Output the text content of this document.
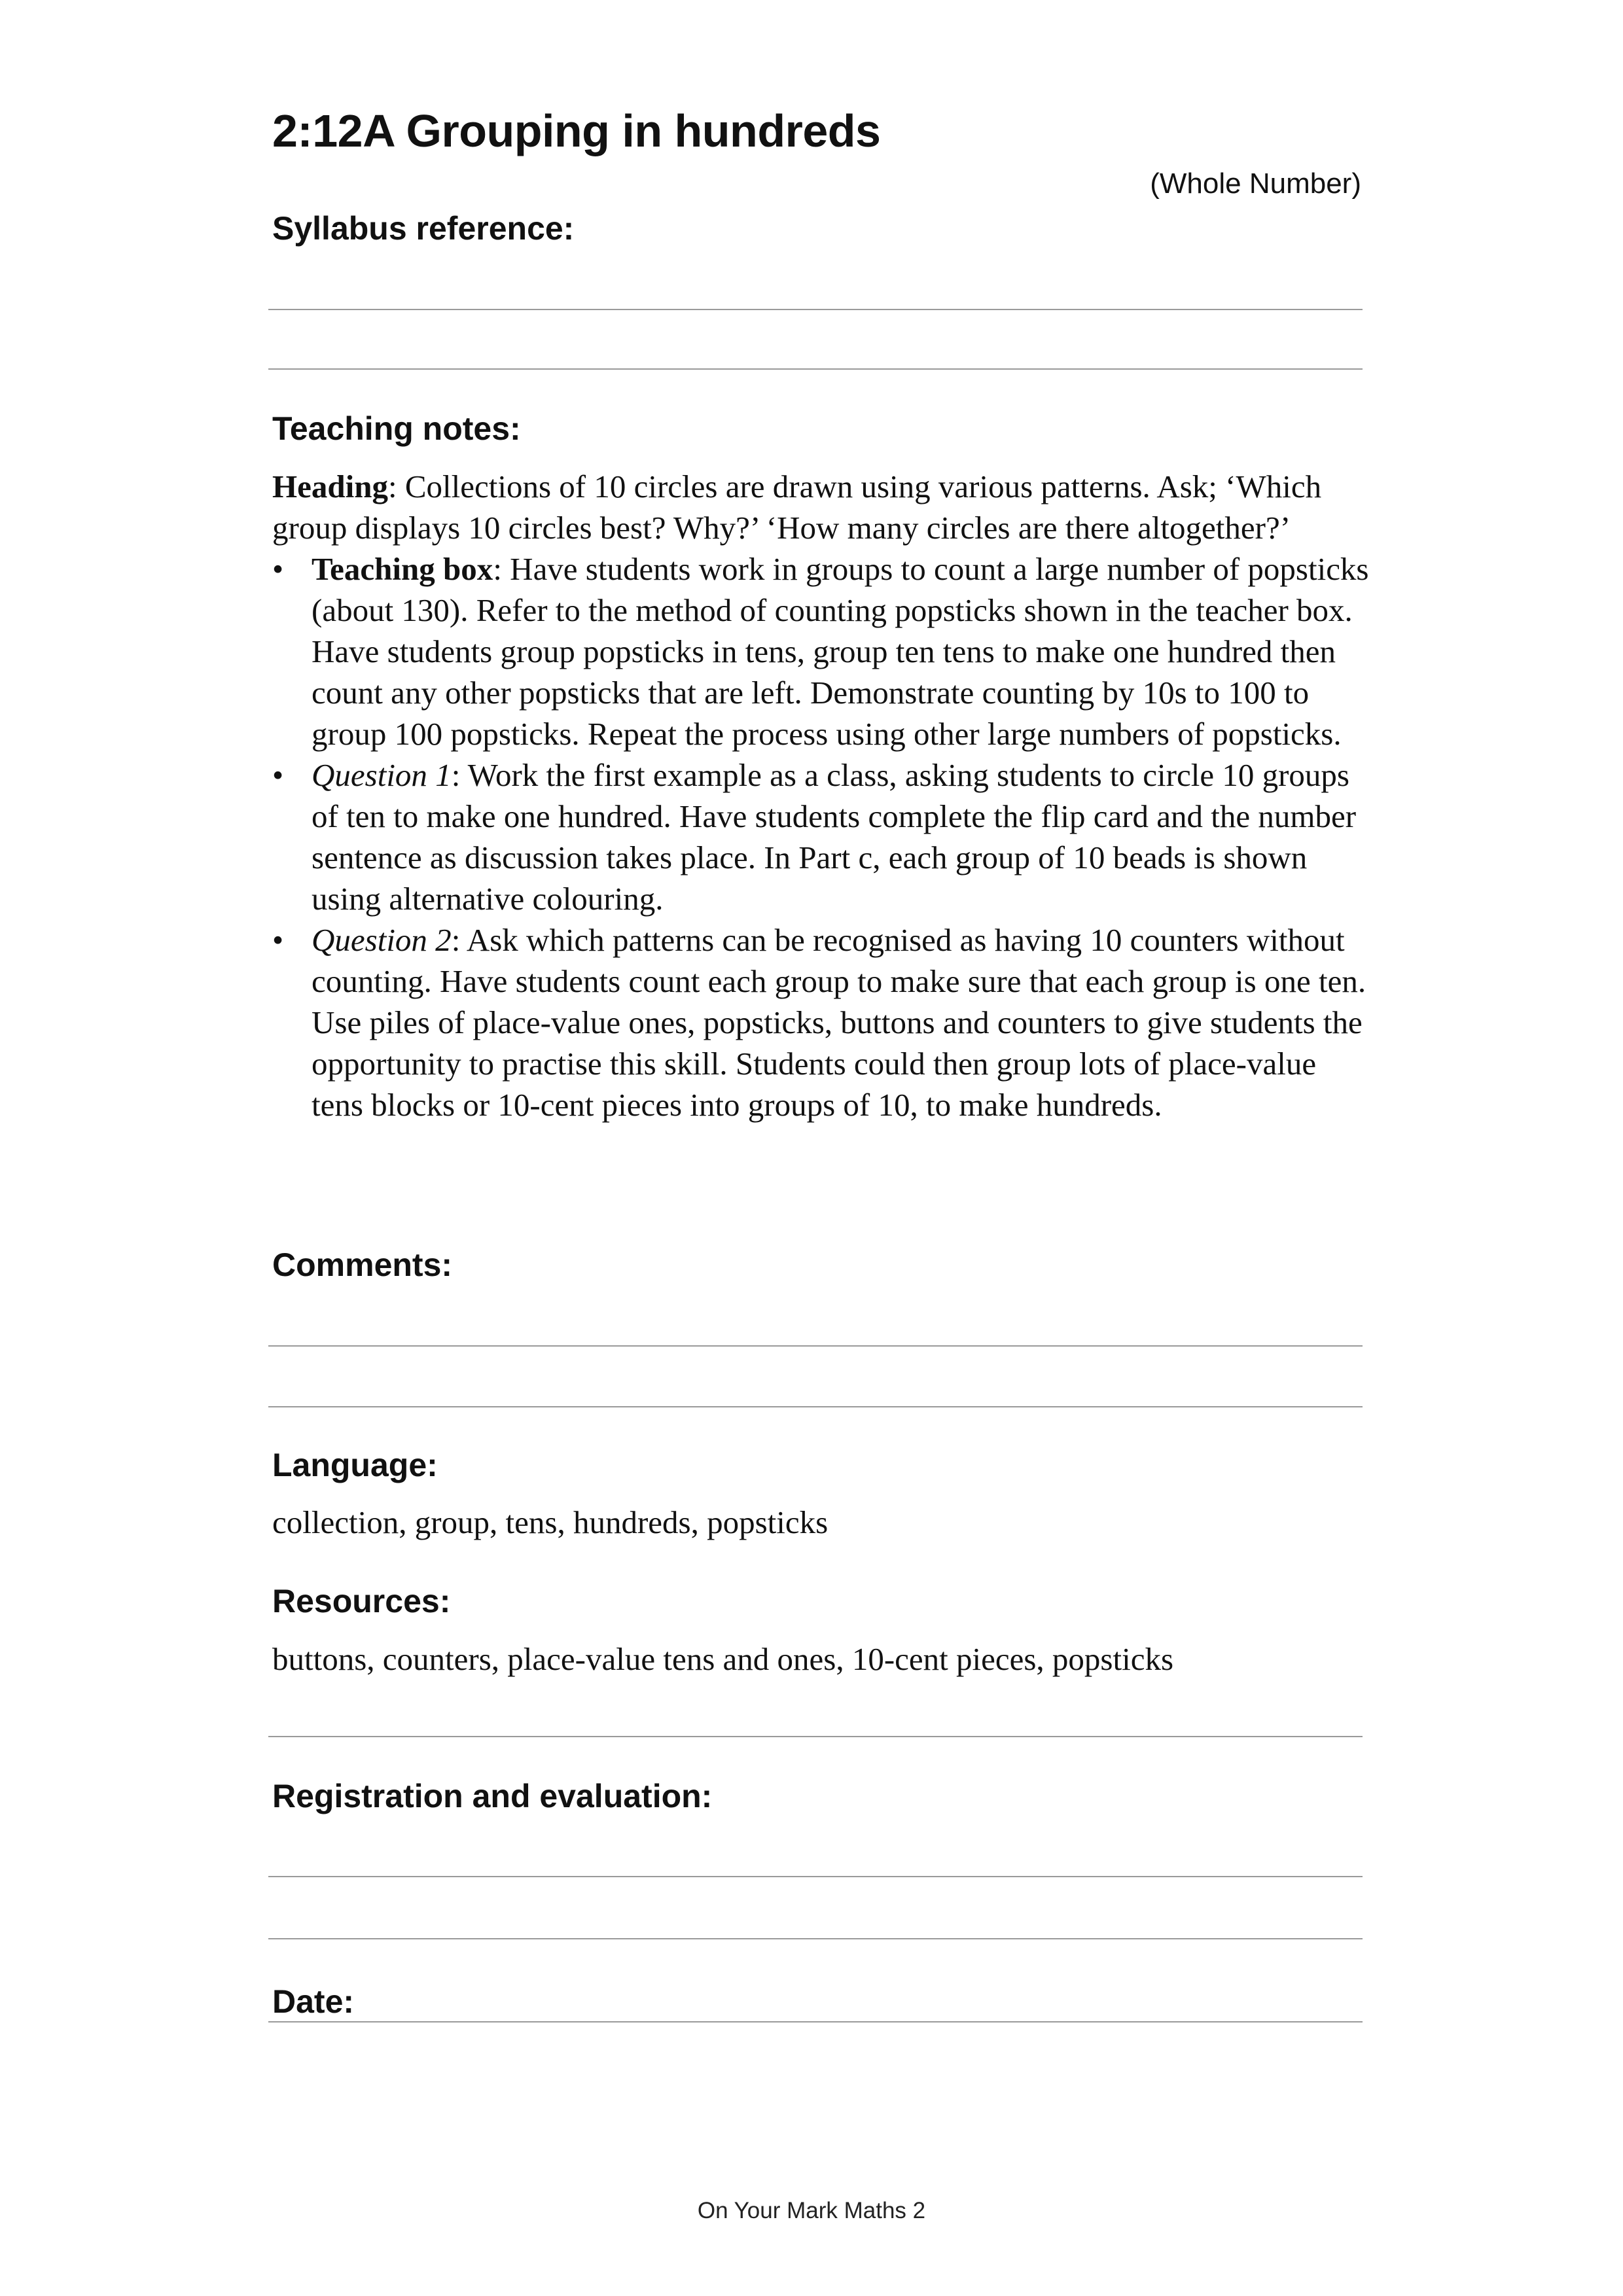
2:12A Grouping in hundreds
(Whole Number)
Syllabus reference:
Teaching notes:

Heading: Collections of 10 circles are drawn using various patterns. Ask; ‘Which group displays 10 circles best? Why?’ ‘How many circles are there altogether?’

• Teaching box: Have students work in groups to count a large number of popsticks (about 130). Refer to the method of counting popsticks shown in the teacher box. Have students group popsticks in tens, group ten tens to make one hundred then count any other popsticks that are left. Demonstrate counting by 10s to 100 to group 100 popsticks. Repeat the process using other large numbers of popsticks.
• Question 1: Work the first example as a class, asking students to circle 10 groups of ten to make one hundred. Have students complete the flip card and the number sentence as discussion takes place. In Part c, each group of 10 beads is shown using alternative colouring.
• Question 2: Ask which patterns can be recognised as having 10 counters without counting. Have students count each group to make sure that each group is one ten.
Use piles of place-value ones, popsticks, buttons and counters to give students the opportunity to practise this skill. Students could then group lots of place-value tens blocks or 10-cent pieces into groups of 10, to make hundreds.
Comments:
Language:
collection, group, tens, hundreds, popsticks
Resources:
buttons, counters, place-value tens and ones, 10-cent pieces, popsticks
Registration and evaluation:
Date:
On Your Mark Maths 2
